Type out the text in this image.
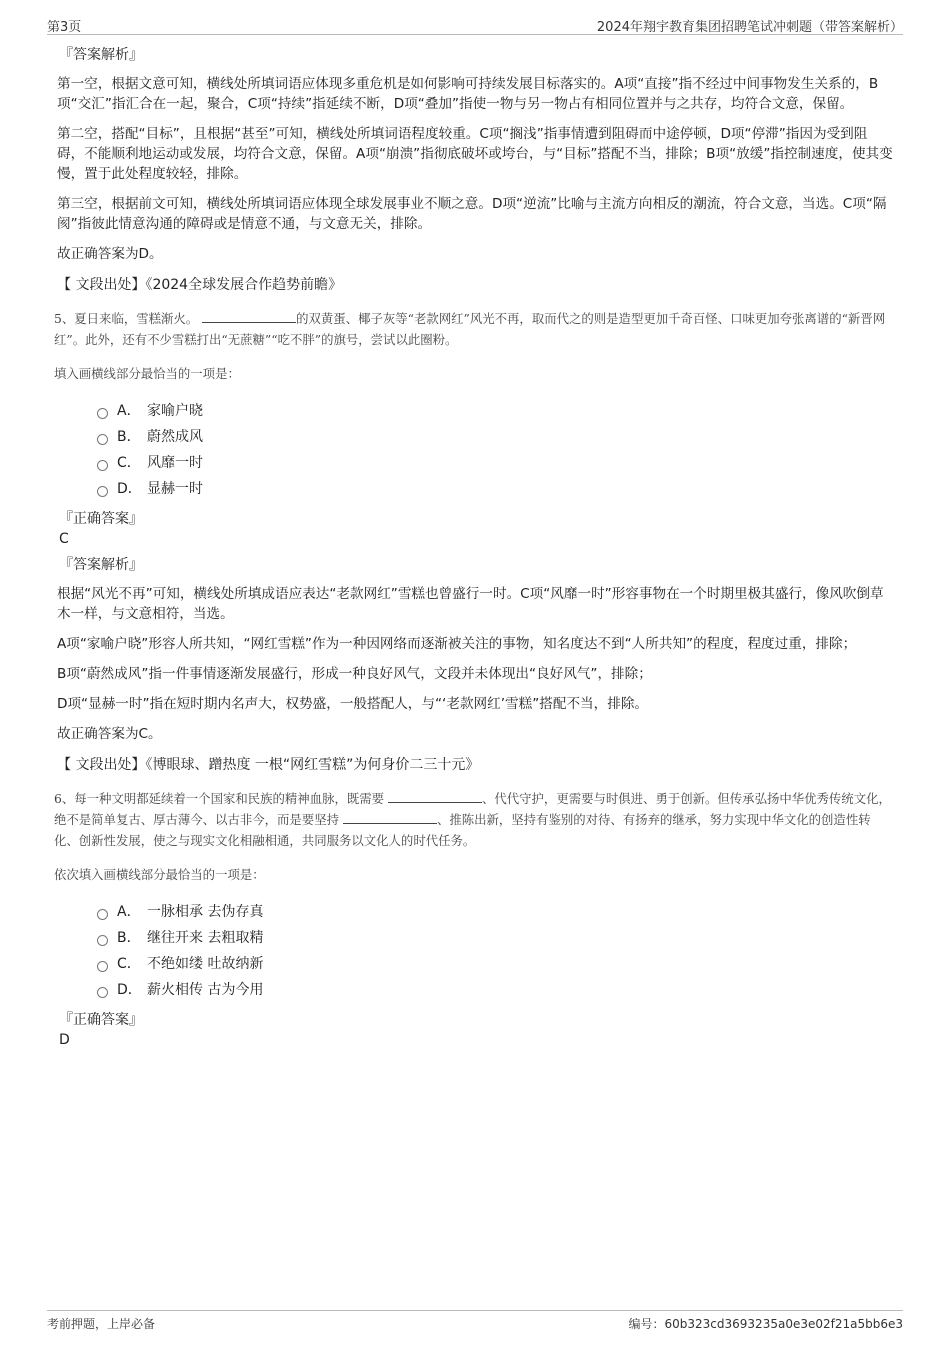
第3页	2024年翔宇教育集团招聘笔试冲刺题（带答案解析）
『答案解析』
第一空，根据文意可知，横线处所填词语应体现多重危机是如何影响可持续发展目标落实的。A项“直接”指不经过中间事物发生关系的，B项“交汇”指汇合在一起，聚合，C项“持续”指延续不断，D项“叠加”指使一物与另一物占有相同位置并与之共存，均符合文意，保留。
第二空，搭配“目标”，且根据“甚至”可知，横线处所填词语程度较重。C项“搁浅”指事情遭到阻碍而中途停顿，D项“停滞”指因为受到阻碍，不能顺利地运动或发展，均符合文意，保留。A项“崩溃”指彻底破坏或垮台，与“目标”搭配不当，排除；B项“放缓”指控制速度，使其变慢，置于此处程度较轻，排除。
第三空，根据前文可知，横线处所填词语应体现全球发展事业不顺之意。D项“逆流”比喻与主流方向相反的潮流，符合文意，当选。C项“隔阂”指彼此情意沟通的障碍或是情意不通，与文意无关，排除。
故正确答案为D。
【 文段出处】《2024全球发展合作趋势前瞻》
5、夏日来临，雪糕渐火。	的双黄蛋、椰子灰等“老款网红”风光不再，取而代之的则是造型更加千奇百怪、口味更加夸张离谱的“新晋网红”。此外，还有不少雪糕打出“无蔗糖”“吃不胖”的旗号，尝试以此圈粉。
填入画横线部分最恰当的一项是：
A． 家喻户晓
B． 蔚然成风
C． 风靡一时
D． 显赫一时
『正确答案』
C
『答案解析』
根据“风光不再”可知，横线处所填成语应表达“老款网红”雪糕也曾盛行一时。C项“风靡一时”形容事物在一个时期里极其盛行，像风吹倒草木一样，与文意相符，当选。
A项“家喻户晓”形容人所共知，“网红雪糕”作为一种因网络而逐渐被关注的事物，知名度达不到“人所共知”的程度，程度过重，排除；
B项“蔚然成风”指一件事情逐渐发展盛行，形成一种良好风气，文段并未体现出“良好风气”，排除；
D项“显赫一时”指在短时期内名声大，权势盛，一般搭配人，与“‘老款网红’雪糕”搭配不当，排除。
故正确答案为C。
【 文段出处】《博眼球、蹭热度 一根“网红雪糕”为何身价二三十元》
6、每一种文明都延续着一个国家和民族的精神血脉，既需要	、代代守护，更需要与时俱进、勇于创新。但传承弘扬中华优秀传统文化，绝不是简单复古、厚古薄今、以古非今，而是要坚持	、推陈出新，坚持有鉴别的对待、有扬弃的继承，努力实现中华文化的创造性转化、创新性发展，使之与现实文化相融相通，共同服务以文化人的时代任务。
依次填入画横线部分最恰当的一项是：
A． 一脉相承 去伪存真
B． 继往开来 去粗取精
C． 不绝如缕 吐故纳新
D． 薪火相传 古为今用
『正确答案』
D
考前押题，上岸必备	编号：60b323cd3693235a0e3e02f21a5bb6e3
